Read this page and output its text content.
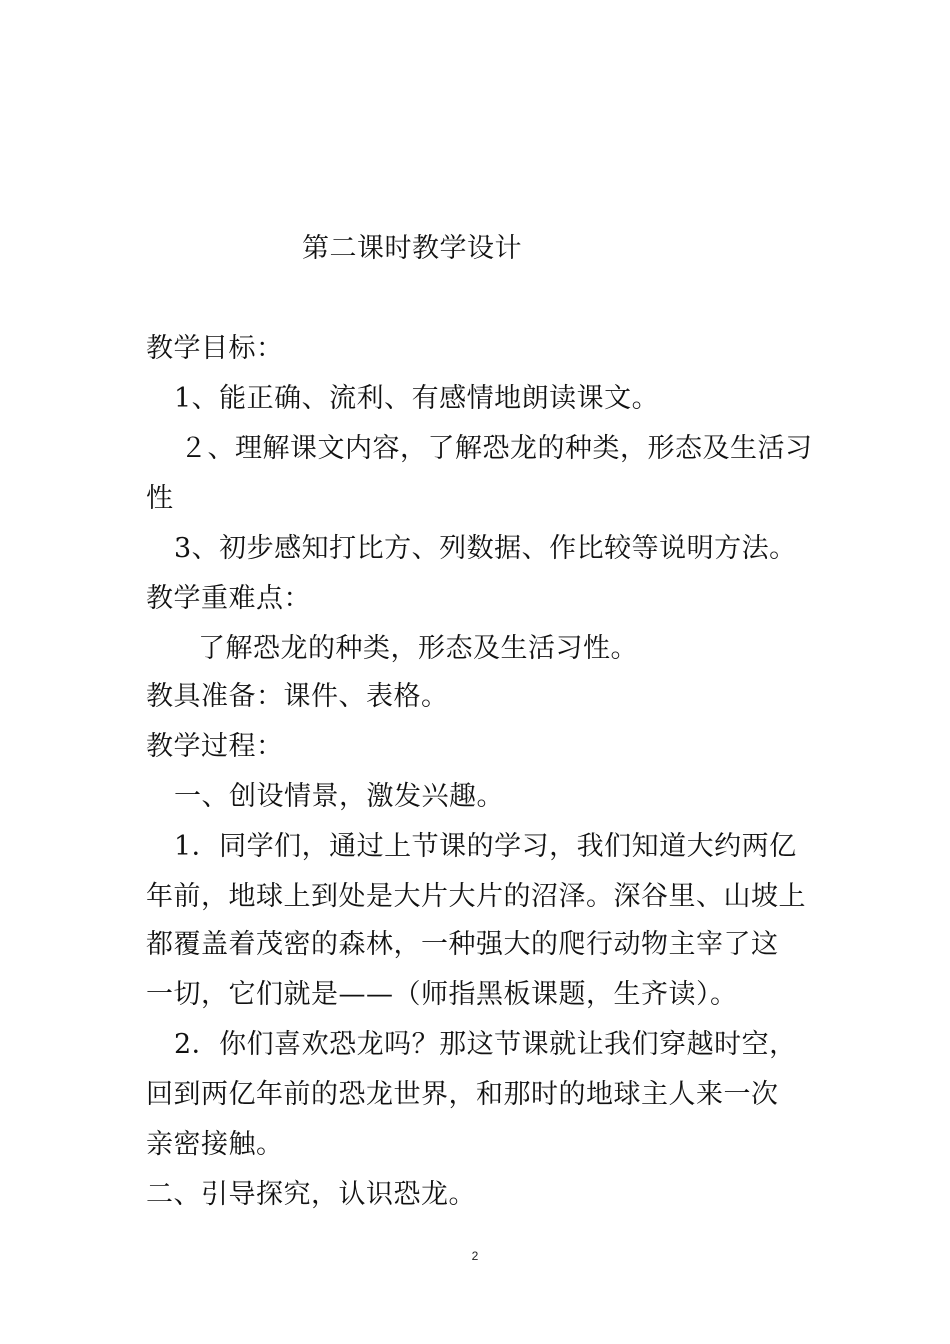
第二课时教学设计
教学目标：
1、能正确、流利、有感情地朗读课文。
２、理解课文内容，了解恐龙的种类，形态及生活习
性
3、初步感知打比方、列数据、作比较等说明方法。
教学重难点：
了解恐龙的种类，形态及生活习性。
教具准备：课件、表格。
教学过程：
一、创设情景，激发兴趣。
1．同学们，通过上节课的学习，我们知道大约两亿
年前，地球上到处是大片大片的沼泽。深谷里、山坡上
都覆盖着茂密的森林，一种强大的爬行动物主宰了这
一切，它们就是——（师指黑板课题，生齐读）。
2．你们喜欢恐龙吗？那这节课就让我们穿越时空，
回到两亿年前的恐龙世界，和那时的地球主人来一次
亲密接触。
二、引导探究，认识恐龙。
2
